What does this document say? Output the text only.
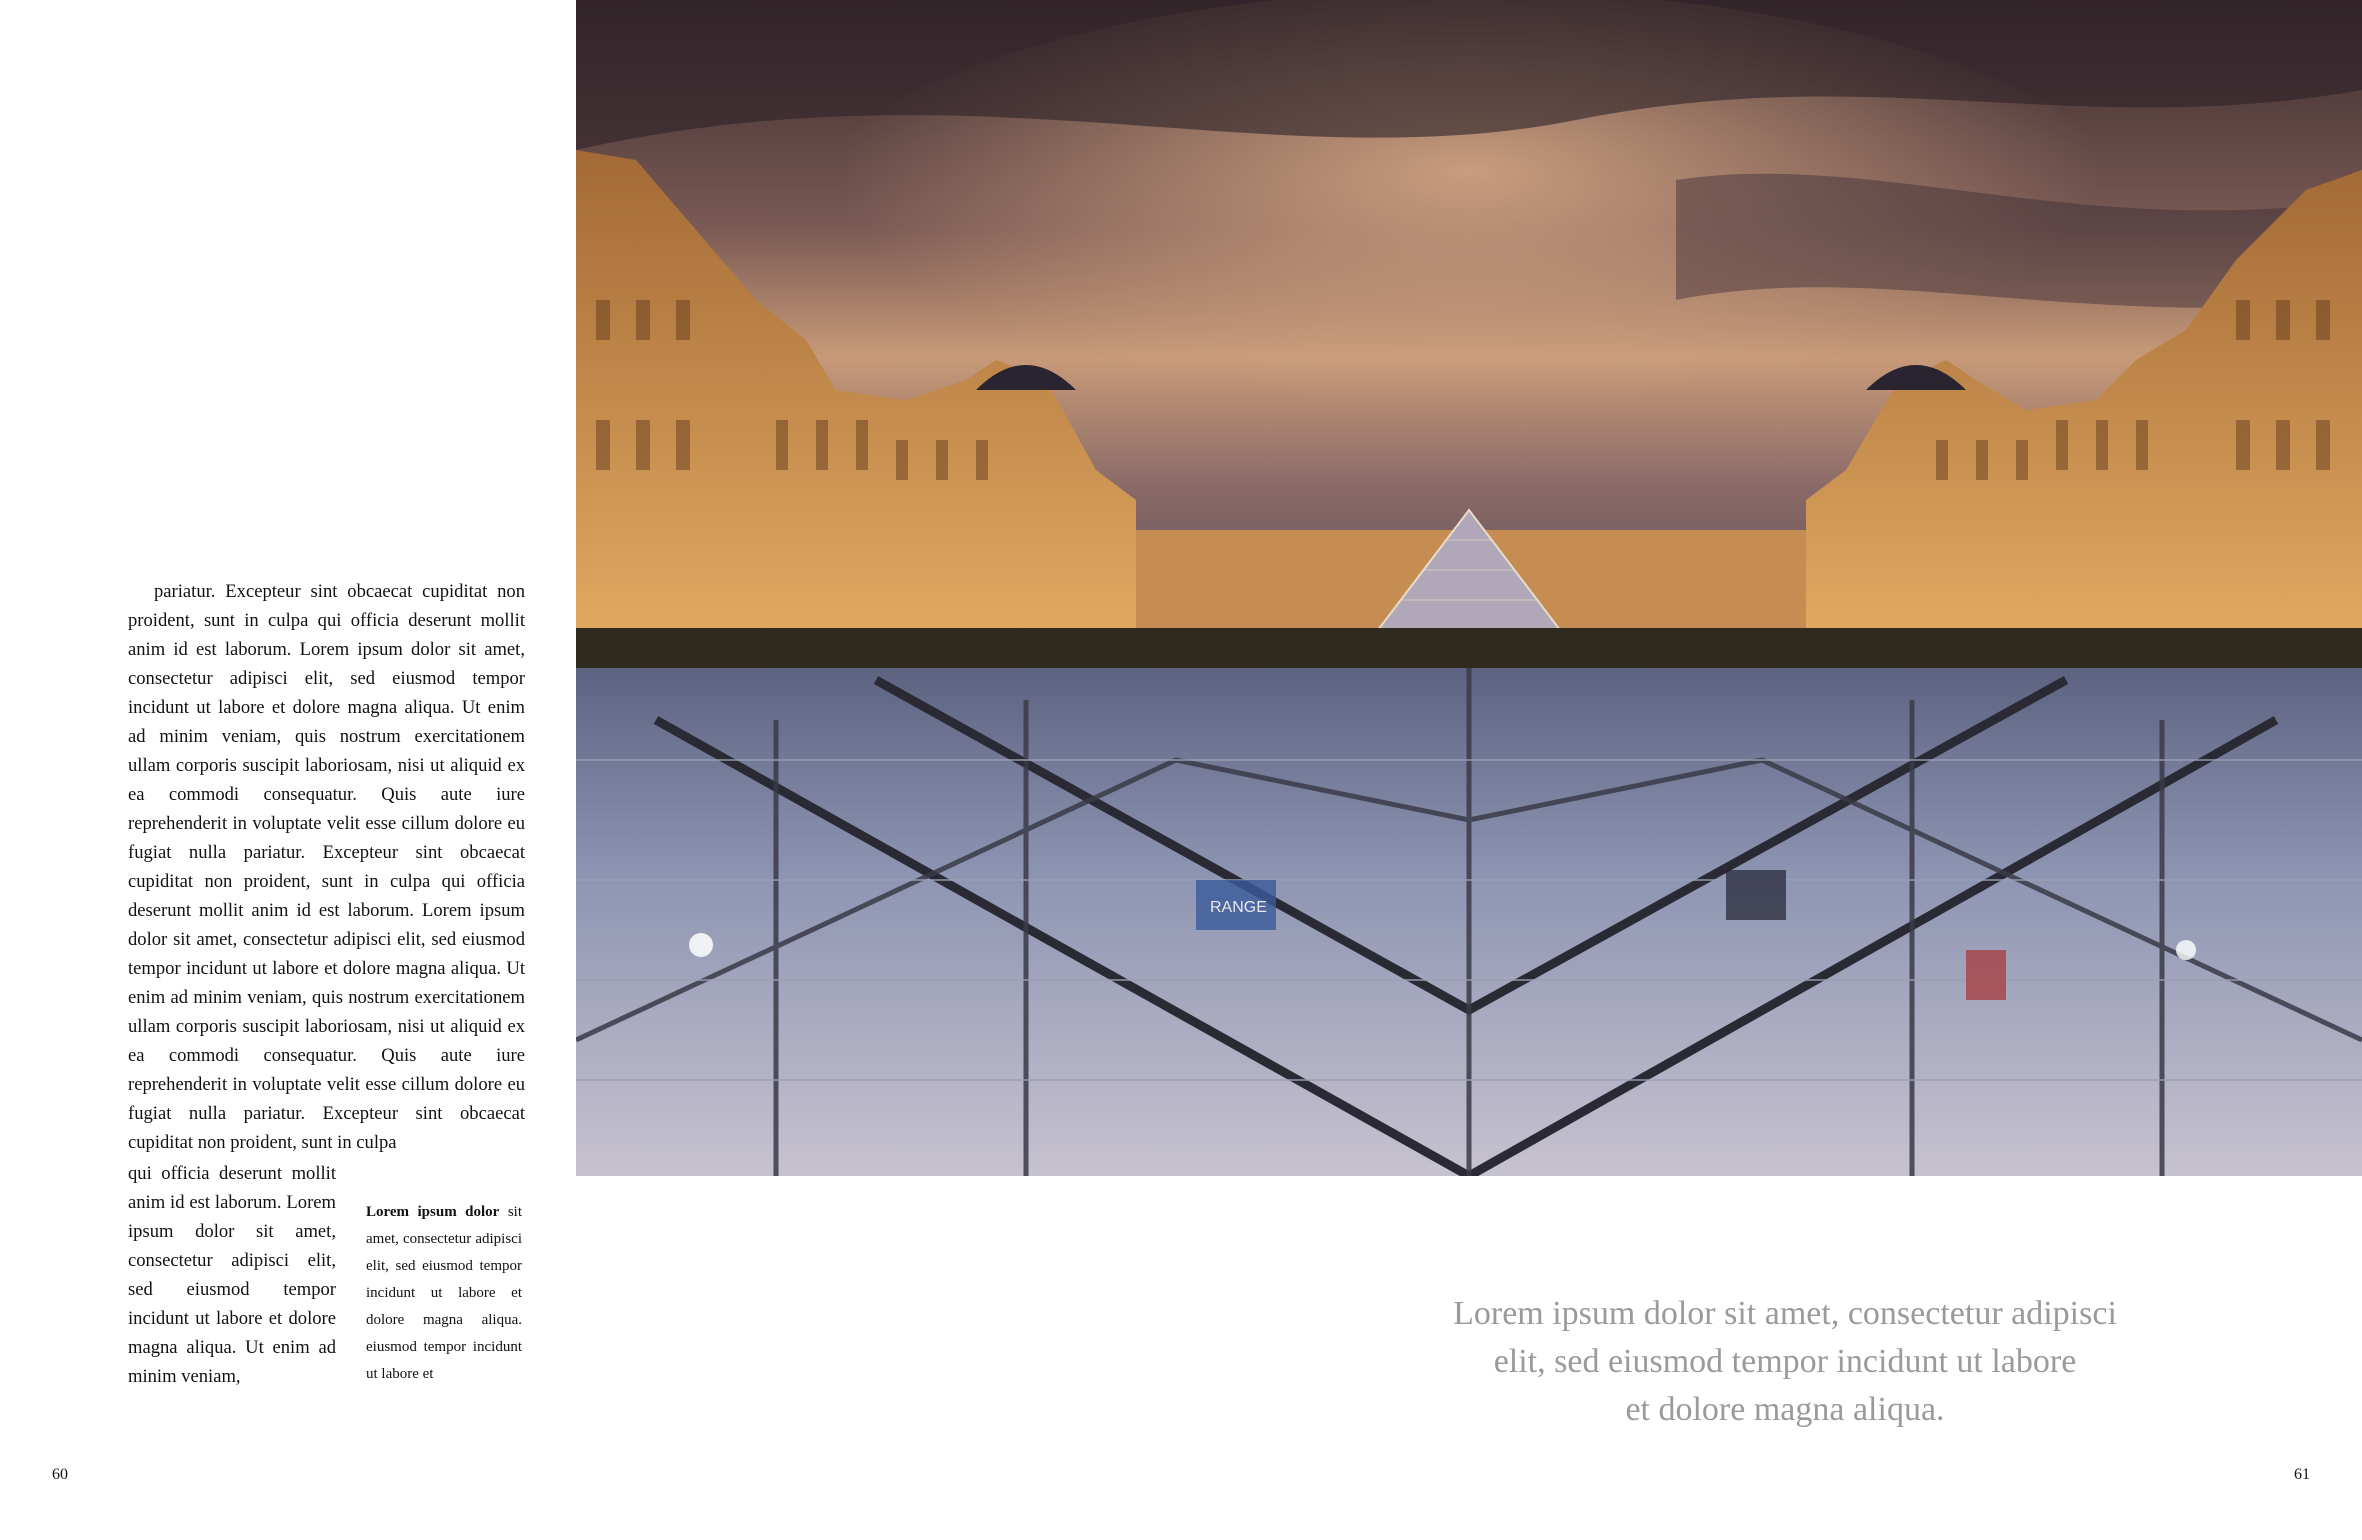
pariatur. Excepteur sint obcaecat cupiditat non proident, sunt in culpa qui officia deserunt mollit anim id est laborum. Lorem ipsum dolor sit amet, consectetur adipisci elit, sed eiusmod tempor incidunt ut labore et dolore magna aliqua. Ut enim ad minim veniam, quis nostrum exercitationem ullam corporis suscipit laboriosam, nisi ut aliquid ex ea commodi consequatur. Quis aute iure reprehenderit in voluptate velit esse cillum dolore eu fugiat nulla pariatur. Excepteur sint obcaecat cupiditat non proident, sunt in culpa qui officia deserunt mollit anim id est laborum. Lorem ipsum dolor sit amet, consectetur adipisci elit, sed eiusmod tempor incidunt ut labore et dolore magna aliqua. Ut enim ad minim veniam, quis nostrum exercitationem ullam corporis suscipit laboriosam, nisi ut aliquid ex ea commodi consequatur. Quis aute iure reprehenderit in voluptate velit esse cillum dolore eu fugiat nulla pariatur. Excepteur sint obcaecat cupiditat non proident, sunt in culpa

qui officia deserunt mollit anim id est laborum. Lorem ipsum dolor sit amet, consectetur adipisci elit, sed eiusmod tempor incidunt ut labore et dolore magna aliqua. Ut enim ad minim veniam,
Lorem ipsum dolor sit amet, consectetur adipisci elit, sed eiusmod tempor incidunt ut labore et dolore magna aliqua. eiusmod tempor incidunt ut labore et
60
RANGE
Lorem ipsum dolor sit amet, consectetur adipisci
elit, sed eiusmod tempor incidunt ut labore
et dolore magna aliqua.
61
